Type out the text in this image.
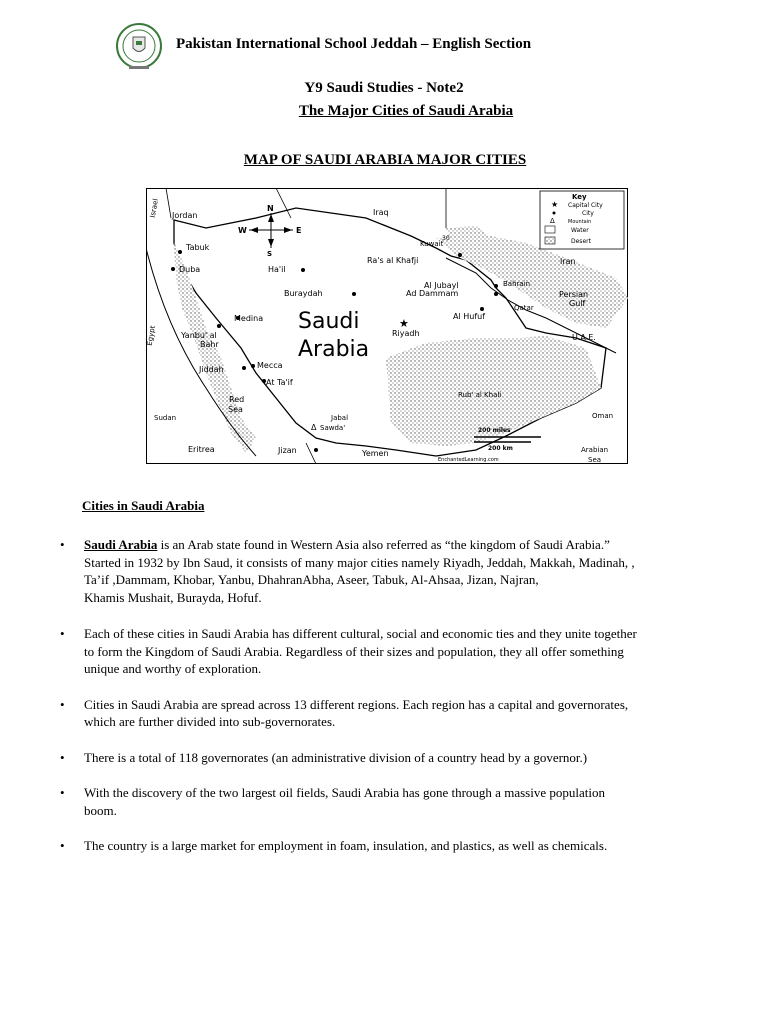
Pakistan International School Jeddah – English Section
Y9 Saudi Studies - Note2
The Major Cities of Saudi Arabia
MAP OF SAUDI ARABIA MAJOR CITIES
Key
★ Capital City
City
Δ	Mountain
Water
Desert
N
S
W	E
Saudi
Arabia
Israel Jordan	Iraq
Kuwait
30
Iran
Bahrain
Qatar
Persian
Gulf
U.A.E.
Oman
Egypt
Sudan
Eritrea	Yemen	Arabian
Sea
Red
Sea
Tabuk
Duba	Ha'il
Buraydah
Medina
Yanbu' al
Bahr
Jiddah	Mecca
At Ta'if
★
Riyadh
Ra's al Khafji
Al Jubayl
Ad Dammam
Al Hufuf
Jizan
Jabal
Δ Sawda'
Rub' al Khali
200 miles
200 km
EnchantedLearning.com
Cities in Saudi Arabia
• Saudi Arabia is an Arab state found in Western Asia also referred as “the kingdom of Saudi Arabia.”
Started in 1932 by Ibn Saud, it consists of many major cities namely Riyadh, Jeddah, Makkah, Madinah, ,
Ta’if ,Dammam, Khobar, Yanbu, DhahranAbha, Aseer, Tabuk, Al-Ahsaa, Jizan, Najran,
Khamis Mushait, Burayda, Hofuf.
• Each of these cities in Saudi Arabia has different cultural, social and economic ties and they unite together
to form the Kingdom of Saudi Arabia. Regardless of their sizes and population, they all offer something
unique and worthy of exploration.
• Cities in Saudi Arabia are spread across 13 different regions. Each region has a capital and governorates,
which are further divided into sub-governorates.
• There is a total of 118 governorates (an administrative division of a country head by a governor.)
• With the discovery of the two largest oil fields, Saudi Arabia has gone through a massive population
boom.
• The country is a large market for employment in foam, insulation, and plastics, as well as chemicals.
